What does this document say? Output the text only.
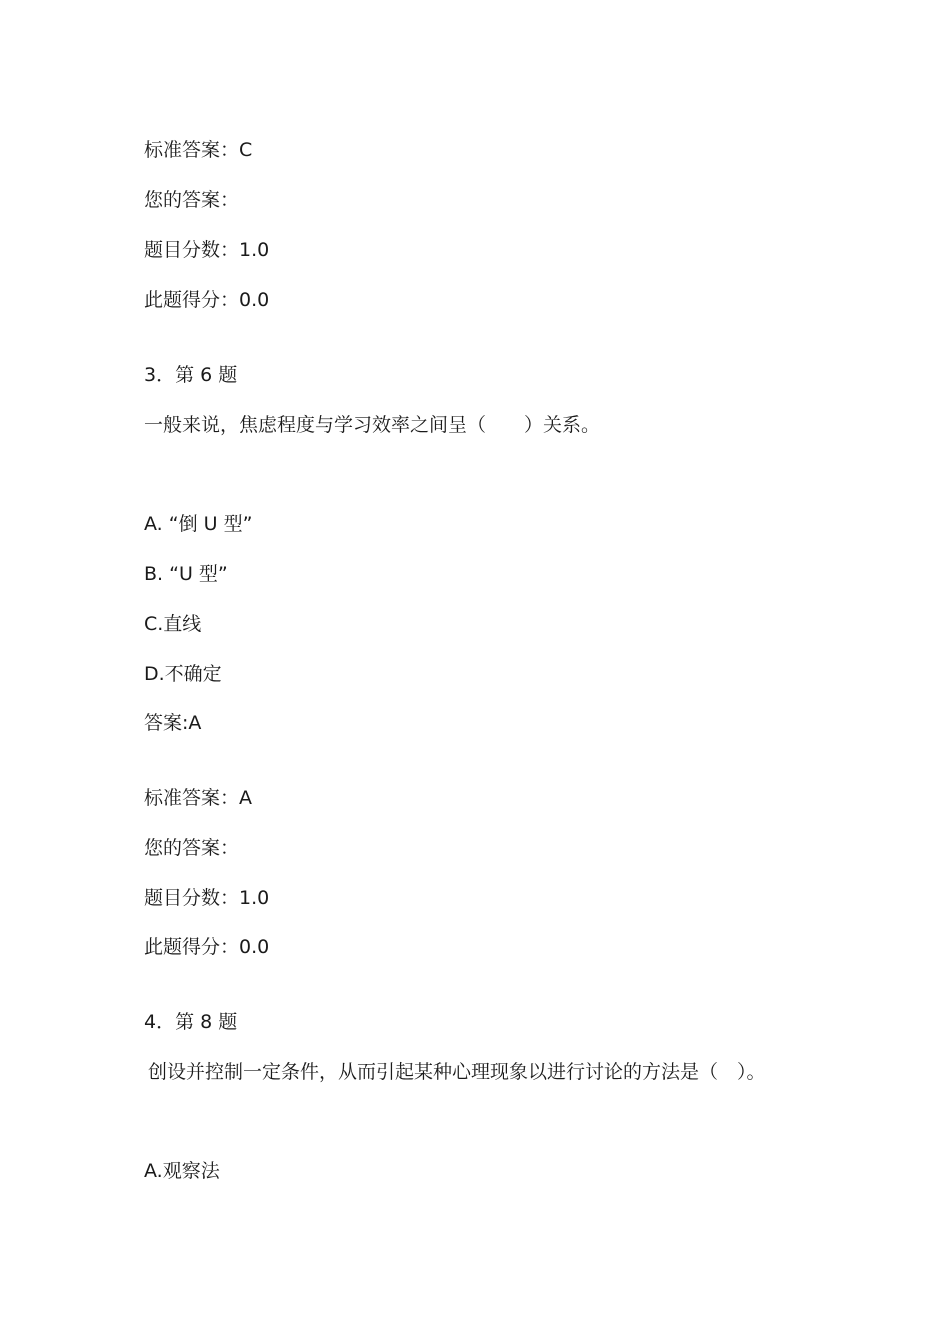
标准答案：C

您的答案：

题目分数：1.0

此题得分：0.0

3．第 6 题

一般来说，焦虑程度与学习效率之间呈（　　）关系。

A. “倒 U 型”

B. “U 型”

C.直线

D.不确定

答案:A

标准答案：A

您的答案：

题目分数：1.0

此题得分：0.0

4．第 8 题

创设并控制一定条件，从而引起某种心理现象以进行讨论的方法是（　）。

A.观察法
